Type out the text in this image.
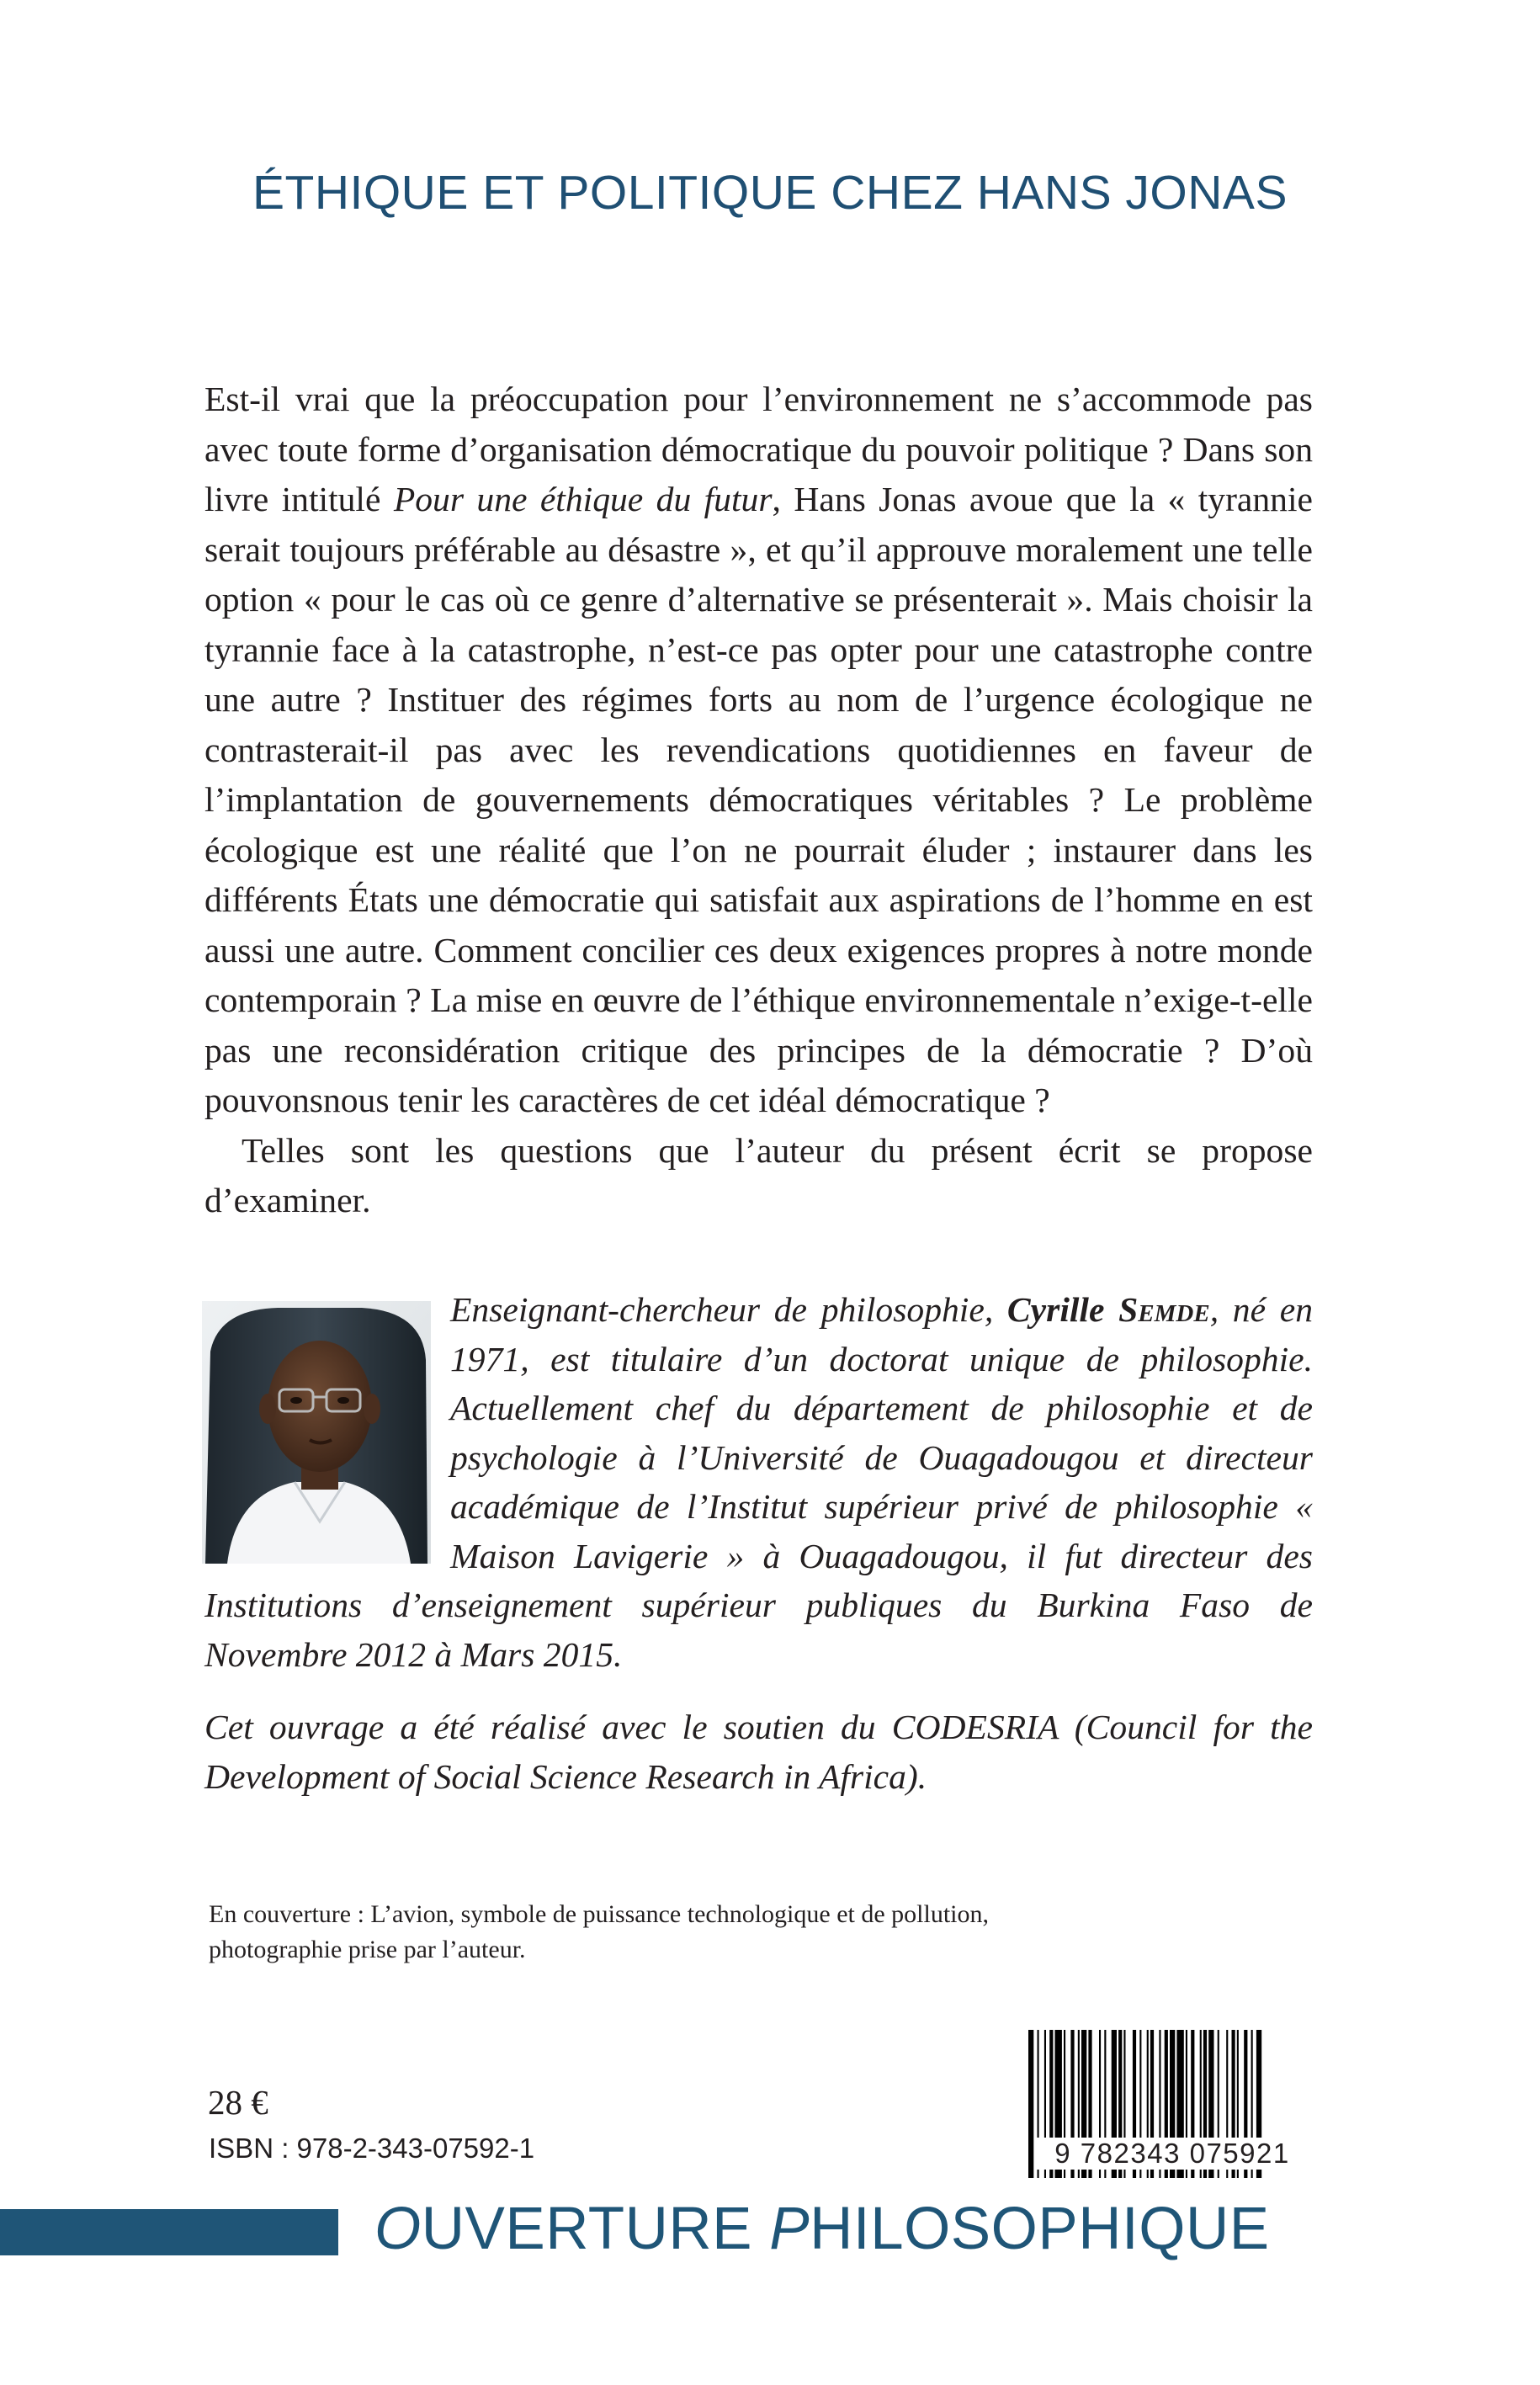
ÉTHIQUE ET POLITIQUE CHEZ HANS JONAS

Est-il vrai que la préoccupation pour l’environnement ne s’accommode pas avec toute forme d’organisation démocratique du pouvoir politique ? Dans son livre intitulé Pour une éthique du futur, Hans Jonas avoue que la « tyrannie serait toujours préférable au désastre », et qu’il approuve moralement une telle option « pour le cas où ce genre d’alternative se présenterait ». Mais choisir la tyrannie face à la catastrophe, n’est-ce pas opter pour une catastrophe contre une autre ? Instituer des régimes forts au nom de l’urgence écologique ne contrasterait-il pas avec les revendications quotidiennes en faveur de l’implantation de gouvernements démocratiques véritables ? Le problème écologique est une réalité que l’on ne pourrait éluder ; instaurer dans les différents États une démocratie qui satisfait aux aspirations de l’homme en est aussi une autre. Comment concilier ces deux exigences propres à notre monde contemporain ? La mise en œuvre de l’éthique environnementale n’exige-t-elle pas une reconsidération critique des principes de la démocratie ? D’où pouvonsnous tenir les caractères de cet idéal démocratique ?

Telles sont les questions que l’auteur du présent écrit se propose d’examiner.

Enseignant-chercheur de philosophie, Cyrille Semde, né en 1971, est titulaire d’un doctorat unique de philosophie. Actuellement chef du département de philosophie et de psychologie à l’Université de Ouagadougou et directeur académique de l’Institut supérieur privé de philosophie « Maison Lavigerie » à Ouagadougou, il fut directeur des Institutions d’enseignement supérieur publiques du Burkina Faso de Novembre 2012 à Mars 2015.

Cet ouvrage a été réalisé avec le soutien du CODESRIA (Council for the Development of Social Science Research in Africa).

En couverture : L’avion, symbole de puissance technologique et de pollution,
photographie prise par l’auteur.

28 €

ISBN : 978-2-343-07592-1	9 782343 075921

OUVERTURE PHILOSOPHIQUE
